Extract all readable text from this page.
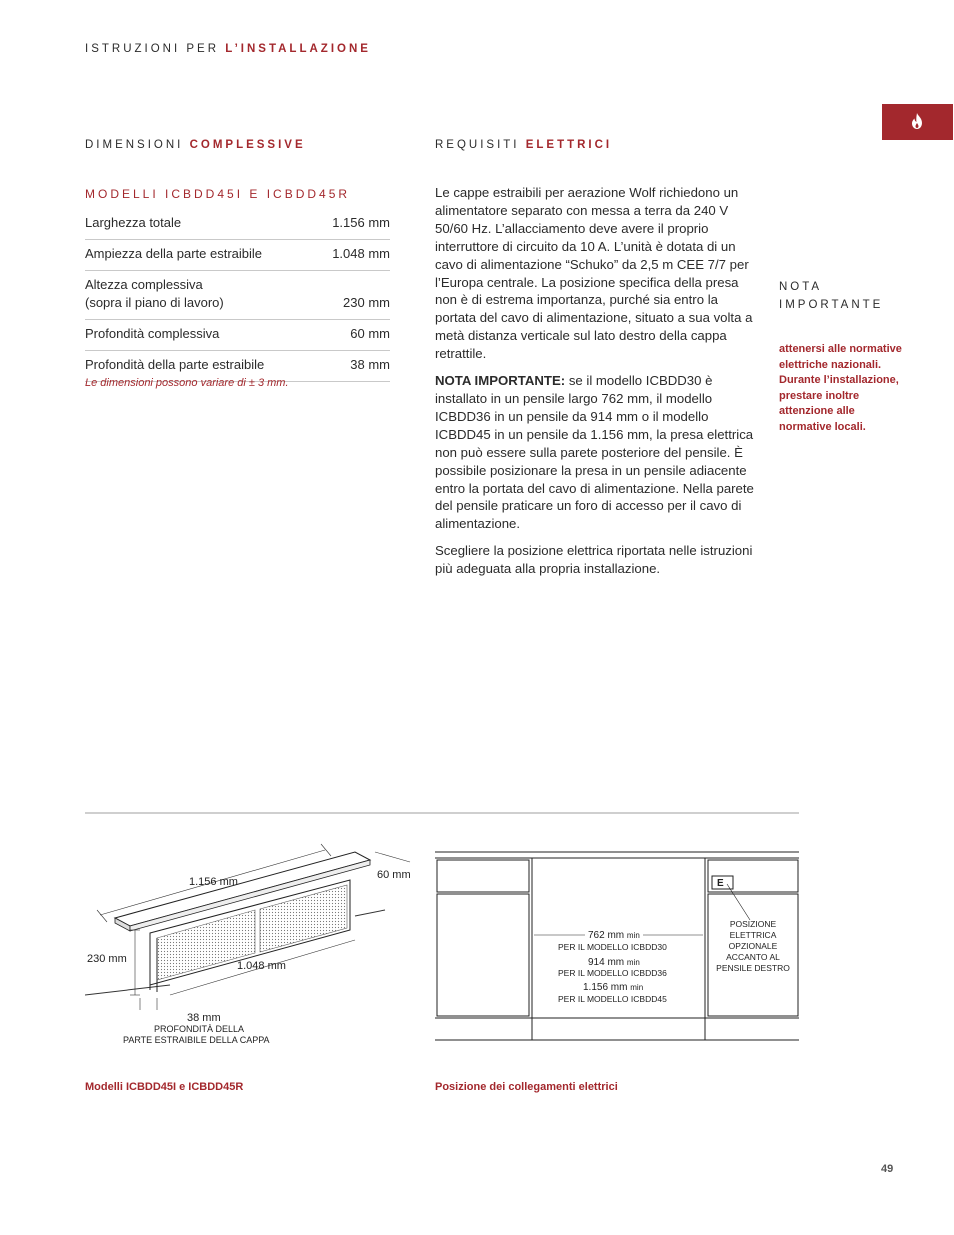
ISTRUZIONI PER L’INSTALLAZIONE
DIMENSIONI COMPLESSIVE
MODELLI ICBDD45I E ICBDD45R
Larghezza totale	1.156 mm
Ampiezza della parte estraibile	1.048 mm
Altezza complessiva
(sopra il piano di lavoro)	230 mm
Profondità complessiva	60 mm
Profondità della parte estraibile	38 mm
Le dimensioni possono variare di ± 3 mm.
REQUISITI ELETTRICI

Le cappe estraibili per aerazione Wolf richiedono un alimentatore separato con messa a terra da 240 V 50/60 Hz. L’allacciamento deve avere il proprio interruttore di circuito da 10 A. L’unità è dotata di un cavo di alimentazione “Schuko” da 2,5 m CEE 7/7 per l’Europa centrale. La posizione specifica della presa non è di estrema importanza, purché sia entro la portata del cavo di alimentazione, situato a sua volta a metà distanza verticale sul lato destro della cappa retrattile.

NOTA IMPORTANTE: se il modello ICBDD30 è installato in un pensile largo 762 mm, il modello ICBDD36 in un pensile da 914 mm o il modello ICBDD45 in un pensile da 1.156 mm, la presa elettrica non può essere sulla parete posteriore del pensile. È possibile posizionare la presa in un pensile adiacente entro la portata del cavo di alimentazione. Nella parete del pensile praticare un foro di accesso per il cavo di alimentazione.

Scegliere la posizione elettrica riportata nelle istruzioni più adeguata alla propria installazione.

NOTA
IMPORTANTE
attenersi alle normative elettriche nazionali. Durante l’installazione, prestare inoltre attenzione alle normative locali.
1.156 mm
60 mm
230 mm
1.048 mm
38 mm
PROFONDITÀ DELLA
PARTE ESTRAIBILE DELLA CAPPA
E
762 mm min
PER IL MODELLO ICBDD30
914 mm min
PER IL MODELLO ICBDD36
1.156 mm min
PER IL MODELLO ICBDD45
POSIZIONE
ELETTRICA
OPZIONALE
ACCANTO AL
PENSILE DESTRO
Modelli ICBDD45I e ICBDD45R	Posizione dei collegamenti elettrici
49
